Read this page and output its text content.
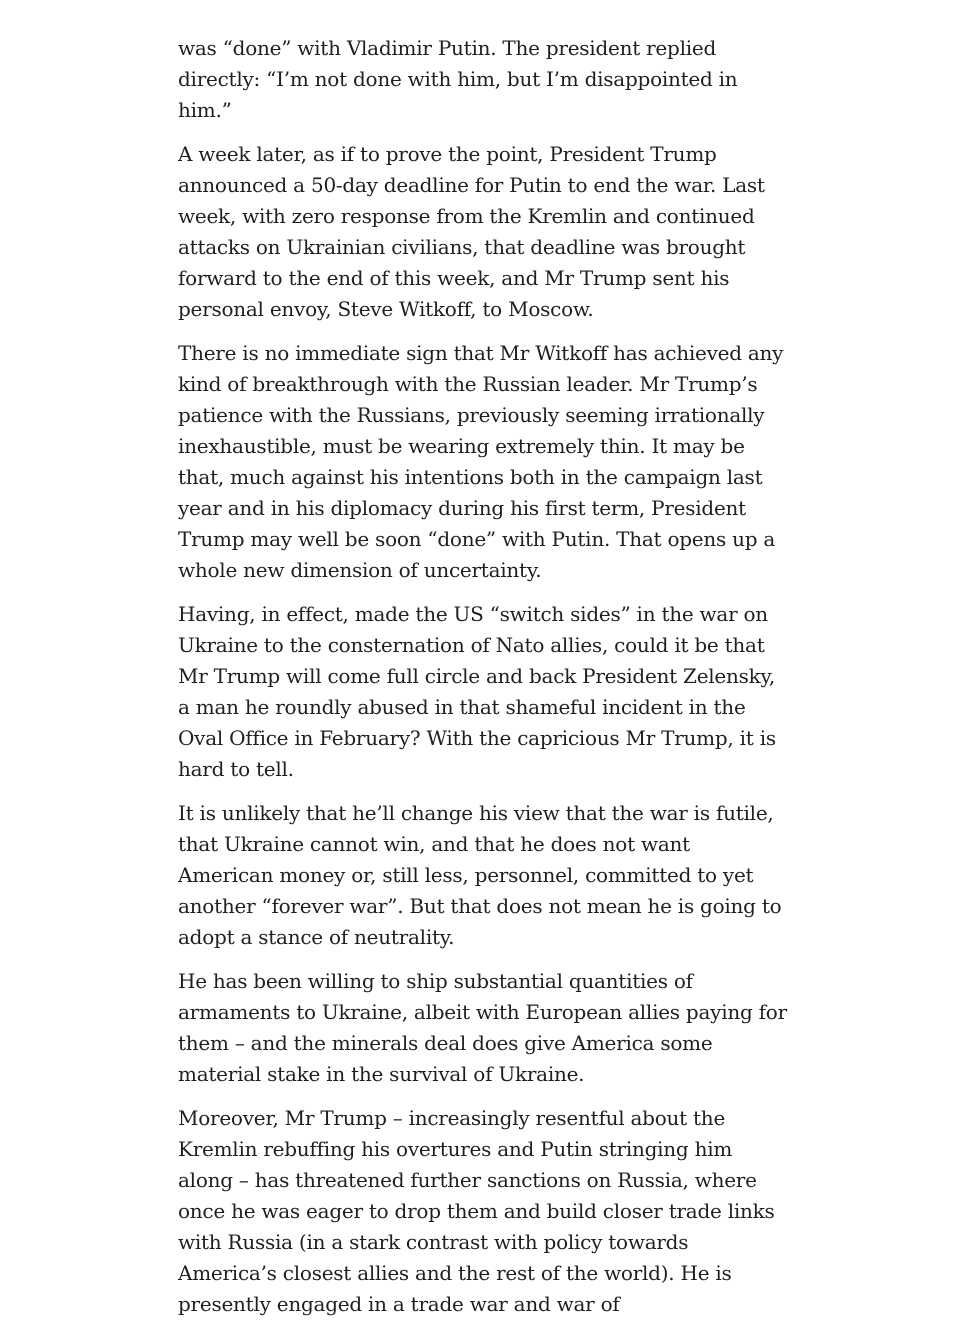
was “done” with Vladimir Putin. The president replied directly: “I’m not done with him, but I’m disappointed in him.”

A week later, as if to prove the point, President Trump announced a 50-day deadline for Putin to end the war. Last week, with zero response from the Kremlin and continued attacks on Ukrainian civilians, that deadline was brought forward to the end of this week, and Mr Trump sent his personal envoy, Steve Witkoff, to Moscow.

There is no immediate sign that Mr Witkoff has achieved any kind of breakthrough with the Russian leader. Mr Trump’s patience with the Russians, previously seeming irrationally inexhaustible, must be wearing extremely thin. It may be that, much against his intentions both in the campaign last year and in his diplomacy during his first term, President Trump may well be soon “done” with Putin. That opens up a whole new dimension of uncertainty.

Having, in effect, made the US “switch sides” in the war on Ukraine to the consternation of Nato allies, could it be that Mr Trump will come full circle and back President Zelensky, a man he roundly abused in that shameful incident in the Oval Office in February? With the capricious Mr Trump, it is hard to tell.

It is unlikely that he’ll change his view that the war is futile, that Ukraine cannot win, and that he does not want American money or, still less, personnel, committed to yet another “forever war”. But that does not mean he is going to adopt a stance of neutrality.

He has been willing to ship substantial quantities of armaments to Ukraine, albeit with European allies paying for them – and the minerals deal does give America some material stake in the survival of Ukraine.

Moreover, Mr Trump – increasingly resentful about the Kremlin rebuffing his overtures and Putin stringing him along – has threatened further sanctions on Russia, where once he was eager to drop them and build closer trade links with Russia (in a stark contrast with policy towards America’s closest allies and the rest of the world). He is presently engaged in a trade war and war of
